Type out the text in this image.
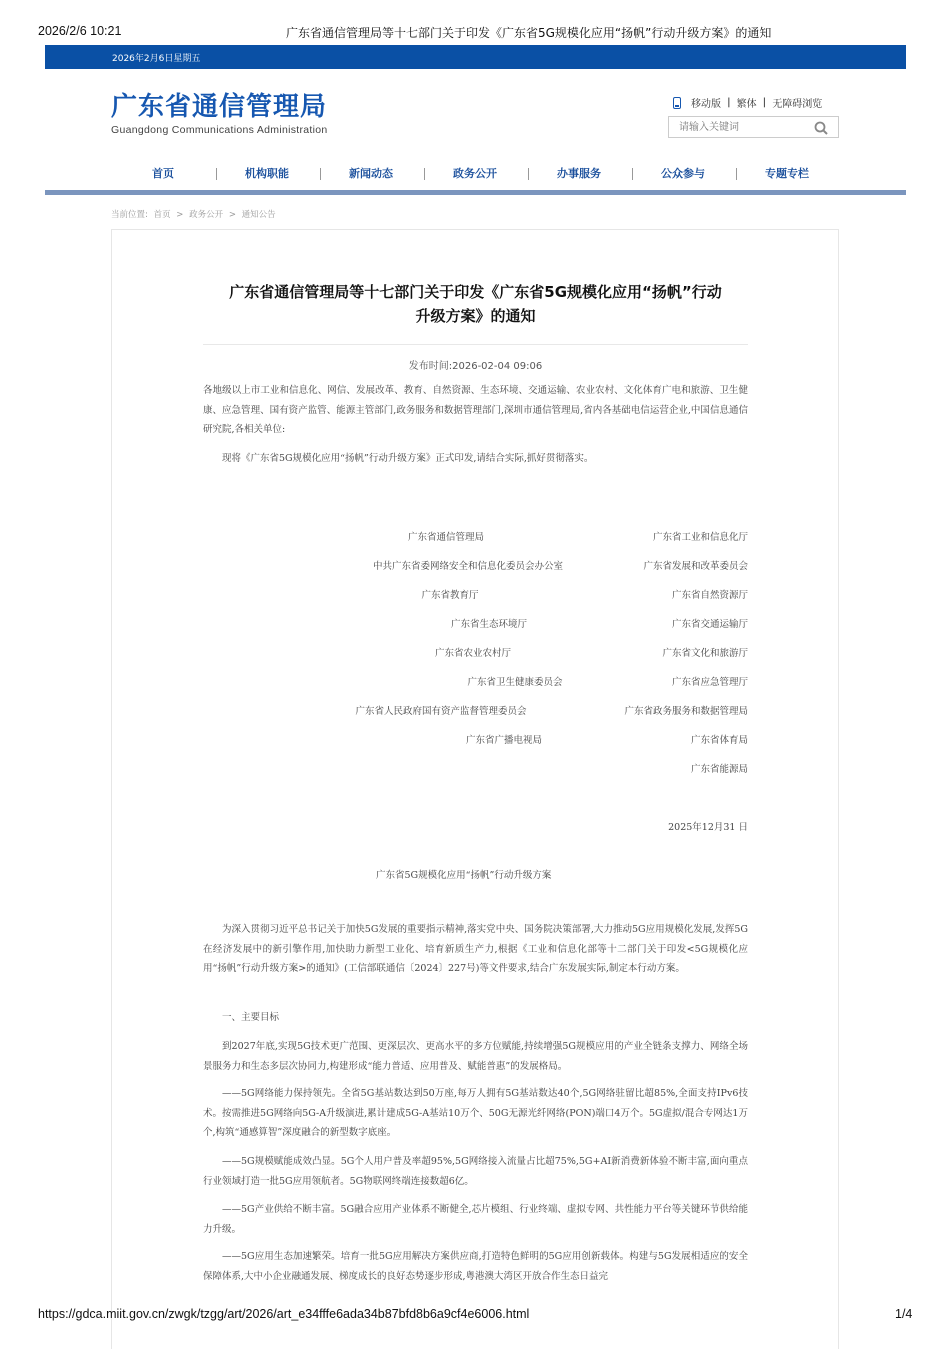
2026/2/6 10:21	广东省通信管理局等十七部门关于印发《广东省5G规模化应用“扬帆”行动升级方案》的通知
2026年2月6日星期五
广东省通信管理局
Guangdong Communications Administration
移动版 | 繁体 | 无障碍浏览
请输入关键词
首页	机构职能	新闻动态	政务公开	办事服务	公众参与	专题专栏
当前位置: 首页 > 政务公开 > 通知公告
广东省通信管理局等十七部门关于印发《广东省5G规模化应用“扬帆”行动
升级方案》的通知
发布时间:2026-02-04 09:06
各地级以上市工业和信息化、网信、发展改革、教育、自然资源、生态环境、交通运输、农业农村、文化体育广电和旅游、卫生健康、应急管理、国有资产监管、能源主管部门,政务服务和数据管理部门,深圳市通信管理局,省内各基础电信运营企业,中国信息通信研究院,各相关单位:
现将《广东省5G规模化应用“扬帆”行动升级方案》正式印发,请结合实际,抓好贯彻落实。
广东省通信管理局	广东省工业和信息化厅
中共广东省委网络安全和信息化委员会办公室	广东省发展和改革委员会
广东省教育厅	广东省自然资源厅
广东省生态环境厅	广东省交通运输厅
广东省农业农村厅	广东省文化和旅游厅
广东省卫生健康委员会	广东省应急管理厅
广东省人民政府国有资产监督管理委员会	广东省政务服务和数据管理局
广东省广播电视局	广东省体育局
广东省能源局
2025年12月31 日
广东省5G规模化应用“扬帆”行动升级方案
为深入贯彻习近平总书记关于加快5G发展的重要指示精神,落实党中央、国务院决策部署,大力推动5G应用规模化发展,发挥5G在经济发展中的新引擎作用,加快助力新型工业化、培育新质生产力,根据《工业和信息化部等十二部门关于印发<5G规模化应用“扬帆”行动升级方案>的通知》(工信部联通信〔2024〕227号)等文件要求,结合广东发展实际,制定本行动方案。
一、主要目标
到2027年底,实现5G技术更广范围、更深层次、更高水平的多方位赋能,持续增强5G规模应用的产业全链条支撑力、网络全场景服务力和生态多层次协同力,构建形成“能力普适、应用普及、赋能普惠”的发展格局。
——5G网络能力保持领先。全省5G基站数达到50万座,每万人拥有5G基站数达40个,5G网络驻留比超85%,全面支持IPv6技术。按需推进5G网络向5G-A升级演进,累计建成5G-A基站10万个、50G无源光纤网络(PON)端口4万个。5G虚拟/混合专网达1万个,构筑“通感算智”深度融合的新型数字底座。
——5G规模赋能成效凸显。5G个人用户普及率超95%,5G网络接入流量占比超75%,5G+AI新消费新体验不断丰富,面向重点行业领域打造一批5G应用领航者。5G物联网终端连接数超6亿。
——5G产业供给不断丰富。5G融合应用产业体系不断健全,芯片模组、行业终端、虚拟专网、共性能力平台等关键环节供给能力升级。
——5G应用生态加速繁荣。培育一批5G应用解决方案供应商,打造特色鲜明的5G应用创新载体。构建与5G发展相适应的安全保障体系,大中小企业融通发展、梯度成长的良好态势逐步形成,粤港澳大湾区开放合作生态日益完
https://gdca.miit.gov.cn/zwgk/tzgg/art/2026/art_e34fffe6ada34b87bfd8b6a9cf4e6006.html	1/4
